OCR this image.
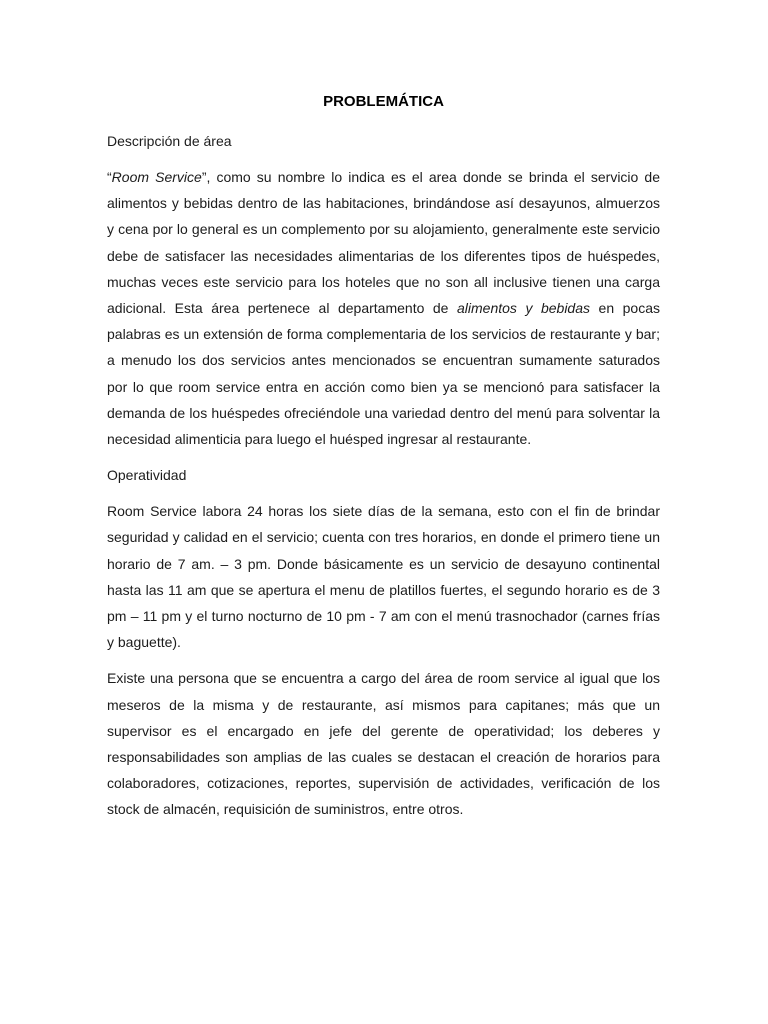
PROBLEMÁTICA
Descripción de área

“Room Service”, como su nombre lo indica es el area donde se brinda el servicio de alimentos y bebidas dentro de las habitaciones, brindándose así desayunos, almuerzos y cena por lo general es un complemento por su alojamiento, generalmente este servicio debe de satisfacer las necesidades alimentarias de los diferentes tipos de huéspedes, muchas veces este servicio para los hoteles que no son all inclusive tienen una carga adicional. Esta área pertenece al departamento de alimentos y bebidas en pocas palabras es un extensión de forma complementaria de los servicios de restaurante y bar; a menudo los dos servicios antes mencionados se encuentran sumamente saturados por lo que room service entra en acción como bien ya se mencionó para satisfacer la demanda de los huéspedes ofreciéndole una variedad dentro del menú para solventar la necesidad alimenticia para luego el huésped ingresar al restaurante.

Operatividad

Room Service labora 24 horas los siete días de la semana, esto con el fin de brindar seguridad y calidad en el servicio; cuenta con tres horarios, en donde el primero tiene un horario de 7 am. – 3 pm. Donde básicamente es un servicio de desayuno continental hasta las 11 am que se apertura el menu de platillos fuertes, el segundo horario es de 3 pm – 11 pm y el turno nocturno de 10 pm - 7 am con el menú trasnochador (carnes frías y baguette).

Existe una persona que se encuentra a cargo del área de room service al igual que los meseros de la misma y de restaurante, así mismos para capitanes; más que un supervisor es el encargado en jefe del gerente de operatividad; los deberes y responsabilidades son amplias de las cuales se destacan el creación de horarios para colaboradores, cotizaciones, reportes, supervisión de actividades, verificación de los stock de almacén, requisición de suministros, entre otros.
